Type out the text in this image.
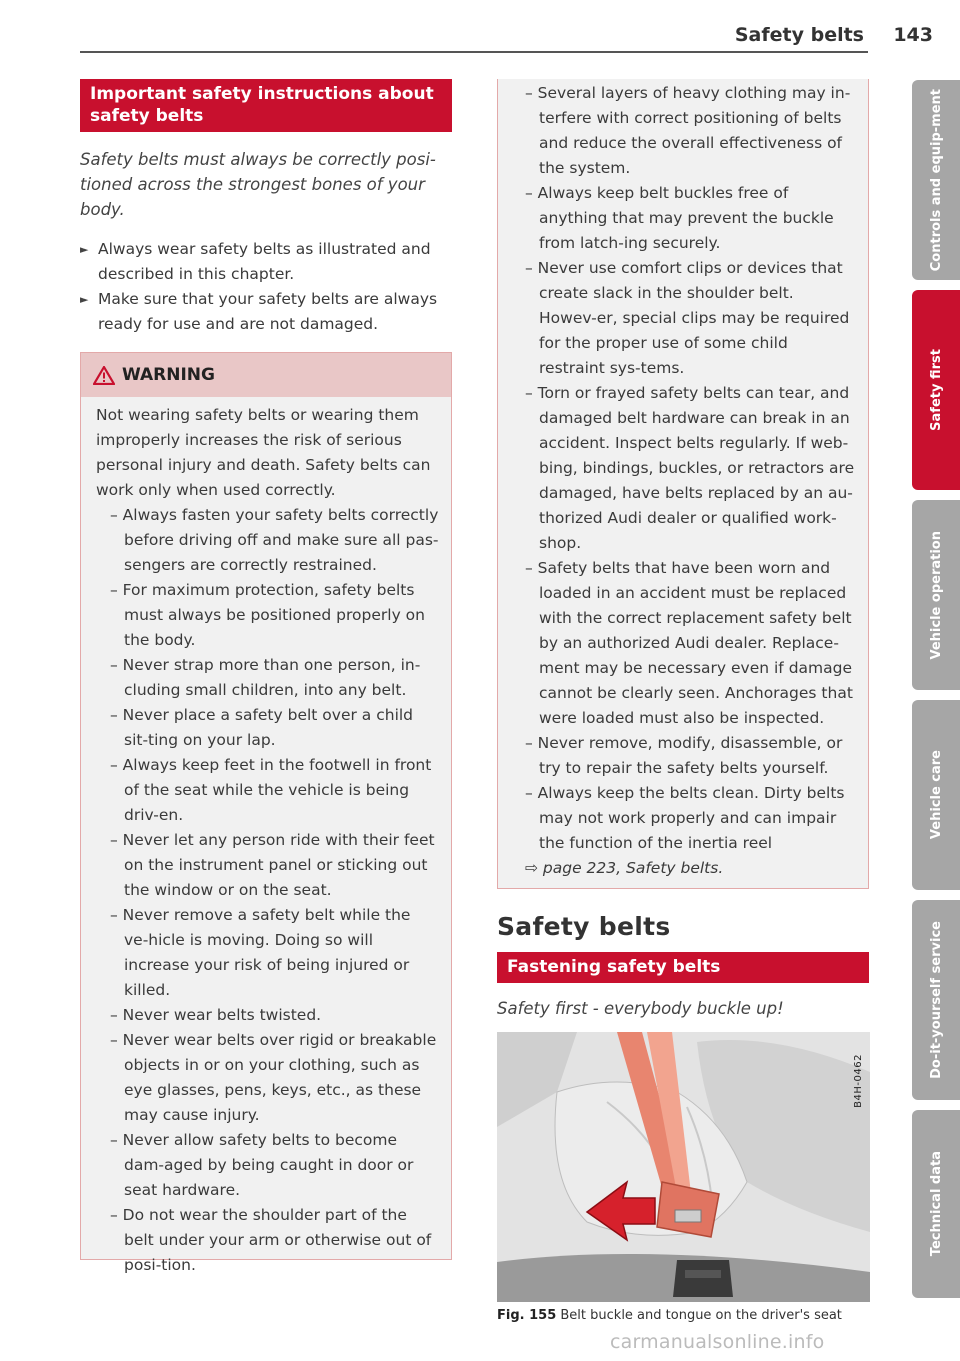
Safety belts 143
Important safety instructions about safety belts

Safety belts must always be correctly posi-tioned across the strongest bones of your body.

► Always wear safety belts as illustrated and described in this chapter.
► Make sure that your safety belts are always ready for use and are not damaged.
WARNING

Not wearing safety belts or wearing them improperly increases the risk of serious personal injury and death. Safety belts can work only when used correctly.

– Always fasten your safety belts correctly before driving off and make sure all pas-sengers are correctly restrained.
– For maximum protection, safety belts must always be positioned properly on the body.
– Never strap more than one person, in-cluding small children, into any belt.
– Never place a safety belt over a child sit-ting on your lap.
– Always keep feet in the footwell in front of the seat while the vehicle is being driv-en.
– Never let any person ride with their feet on the instrument panel or sticking out the window or on the seat.
– Never remove a safety belt while the ve-hicle is moving. Doing so will increase your risk of being injured or killed.
– Never wear belts twisted.
– Never wear belts over rigid or breakable objects in or on your clothing, such as eye glasses, pens, keys, etc., as these may cause injury.
– Never allow safety belts to become dam-aged by being caught in door or seat hardware.
– Do not wear the shoulder part of the belt under your arm or otherwise out of posi-tion.
– Several layers of heavy clothing may in-terfere with correct positioning of belts and reduce the overall effectiveness of the system.
– Always keep belt buckles free of anything that may prevent the buckle from latch-ing securely.
– Never use comfort clips or devices that create slack in the shoulder belt. Howev-er, special clips may be required for the proper use of some child restraint sys-tems.
– Torn or frayed safety belts can tear, and damaged belt hardware can break in an accident. Inspect belts regularly. If web-bing, bindings, buckles, or retractors are damaged, have belts replaced by an au-thorized Audi dealer or qualified work-shop.
– Safety belts that have been worn and loaded in an accident must be replaced with the correct replacement safety belt by an authorized Audi dealer. Replace-ment may be necessary even if damage cannot be clearly seen. Anchorages that were loaded must also be inspected.
– Never remove, modify, disassemble, or try to repair the safety belts yourself.
– Always keep the belts clean. Dirty belts may not work properly and can impair the function of the inertia reel
⇨ page 223, Safety belts.
Safety belts
Fastening safety belts

Safety first - everybody buckle up!

B4H-0462
Fig. 155 Belt buckle and tongue on the driver's seat
Controls and equip-ment
Safety first
Vehicle operation
Vehicle care
Do-it-yourself service
Technical data
carmanualsonline.info
